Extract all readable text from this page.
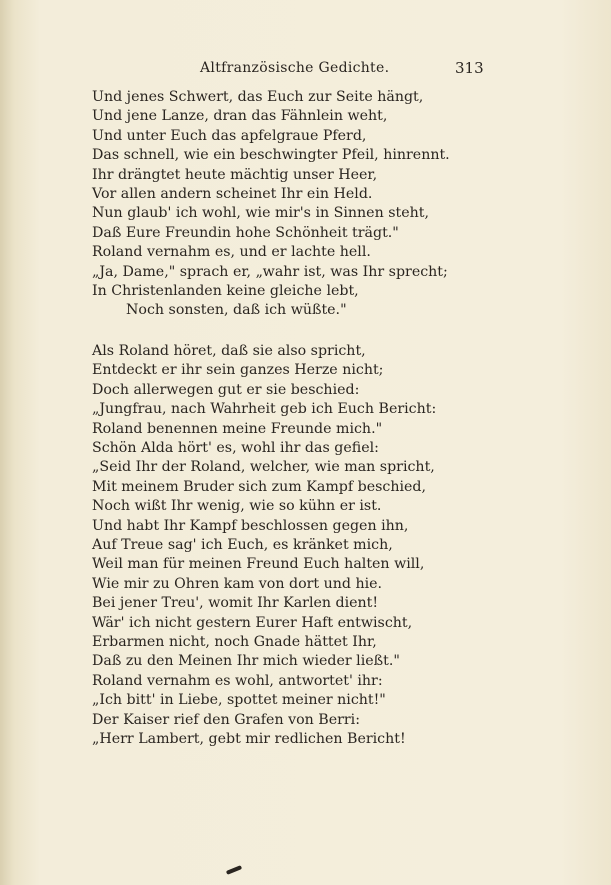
Altfranzösische Gedichte.	313
Und jenes Schwert, das Euch zur Seite hängt,
Und jene Lanze, dran das Fähnlein weht,
Und unter Euch das apfelgraue Pferd,
Das schnell, wie ein beschwingter Pfeil, hinrennt.
Ihr drängtet heute mächtig unser Heer,
Vor allen andern scheinet Ihr ein Held.
Nun glaub' ich wohl, wie mir's in Sinnen steht,
Daß Eure Freundin hohe Schönheit trägt."
Roland vernahm es, und er lachte hell.
„Ja, Dame," sprach er, „wahr ist, was Ihr sprecht;
In Christenlanden keine gleiche lebt,
Noch sonsten, daß ich wüßte."
Als Roland höret, daß sie also spricht,
Entdeckt er ihr sein ganzes Herze nicht;
Doch allerwegen gut er sie beschied:
„Jungfrau, nach Wahrheit geb ich Euch Bericht:
Roland benennen meine Freunde mich."
Schön Alda hört' es, wohl ihr das gefiel:
„Seid Ihr der Roland, welcher, wie man spricht,
Mit meinem Bruder sich zum Kampf beschied,
Noch wißt Ihr wenig, wie so kühn er ist.
Und habt Ihr Kampf beschlossen gegen ihn,
Auf Treue sag' ich Euch, es kränket mich,
Weil man für meinen Freund Euch halten will,
Wie mir zu Ohren kam von dort und hie.
Bei jener Treu', womit Ihr Karlen dient!
Wär' ich nicht gestern Eurer Haft entwischt,
Erbarmen nicht, noch Gnade hättet Ihr,
Daß zu den Meinen Ihr mich wieder ließt."
Roland vernahm es wohl, antwortet' ihr:
„Ich bitt' in Liebe, spottet meiner nicht!"
Der Kaiser rief den Grafen von Berri:
„Herr Lambert, gebt mir redlichen Bericht!
